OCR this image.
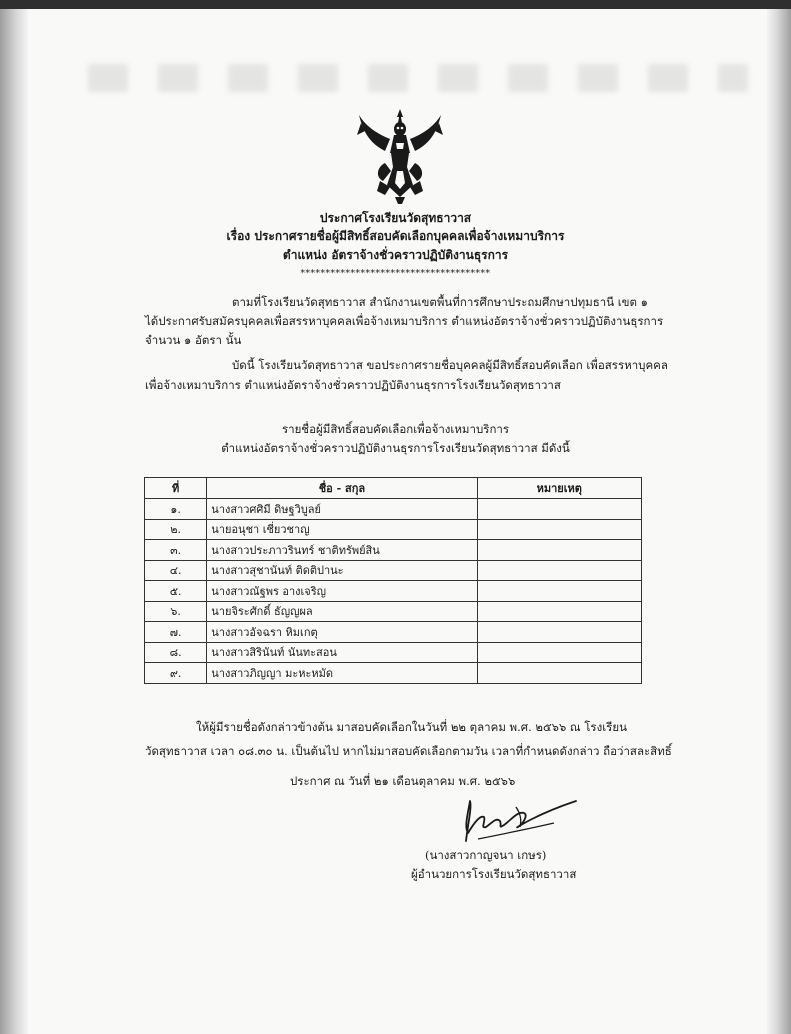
ประกาศโรงเรียนวัดสุทธาวาส
เรื่อง ประกาศรายชื่อผู้มีสิทธิ์สอบคัดเลือกบุคคลเพื่อจ้างเหมาบริการ
ตำแหน่ง อัตราจ้างชั่วคราวปฏิบัติงานธุรการ
**************************************
ตามที่โรงเรียนวัดสุทธาวาส สำนักงานเขตพื้นที่การศึกษาประถมศึกษาปทุมธานี เขต ๑
ได้ประกาศรับสมัครบุคคลเพื่อสรรหาบุคคลเพื่อจ้างเหมาบริการ ตำแหน่งอัตราจ้างชั่วคราวปฏิบัติงานธุรการ
จำนวน ๑ อัตรา นั้น
บัดนี้ โรงเรียนวัดสุทธาวาส ขอประกาศรายชื่อบุคคลผู้มีสิทธิ์สอบคัดเลือก เพื่อสรรหาบุคคล
เพื่อจ้างเหมาบริการ ตำแหน่งอัตราจ้างชั่วคราวปฏิบัติงานธุรการโรงเรียนวัดสุทธาวาส
รายชื่อผู้มีสิทธิ์สอบคัดเลือกเพื่อจ้างเหมาบริการ
ตำแหน่งอัตราจ้างชั่วคราวปฏิบัติงานธุรการโรงเรียนวัดสุทธาวาส มีดังนี้
ที่	ชื่อ - สกุล	หมายเหตุ
๑.	นางสาวศศิมี ดิษฐวิบูลย์	
๒.	นายอนุชา เชี่ยวชาญ	
๓.	นางสาวประภาวรินทร์ ชาติทรัพย์สิน	
๔.	นางสาวสุชานันท์ ติดติปานะ	
๕.	นางสาวณัฐพร อางเจริญ	
๖.	นายจิระศักดิ์ ธัญญผล	
๗.	นางสาวอัจฉรา หิมเกตุ	
๘.	นางสาวสิรินันท์ นันทะสอน	
๙.	นางสาวภิญญา มะหะหมัด	
ให้ผู้มีรายชื่อดังกล่าวข้างต้น มาสอบคัดเลือกในวันที่ ๒๒ ตุลาคม พ.ศ. ๒๕๖๖ ณ โรงเรียน
วัดสุทธาวาส เวลา ๐๘.๓๐ น. เป็นต้นไป หากไม่มาสอบคัดเลือกตามวัน เวลาที่กำหนดดังกล่าว ถือว่าสละสิทธิ์
ประกาศ ณ วันที่ ๒๑ เดือนตุลาคม พ.ศ. ๒๕๖๖
(นางสาวกาญจนา เกษร)
ผู้อำนวยการโรงเรียนวัดสุทธาวาส
